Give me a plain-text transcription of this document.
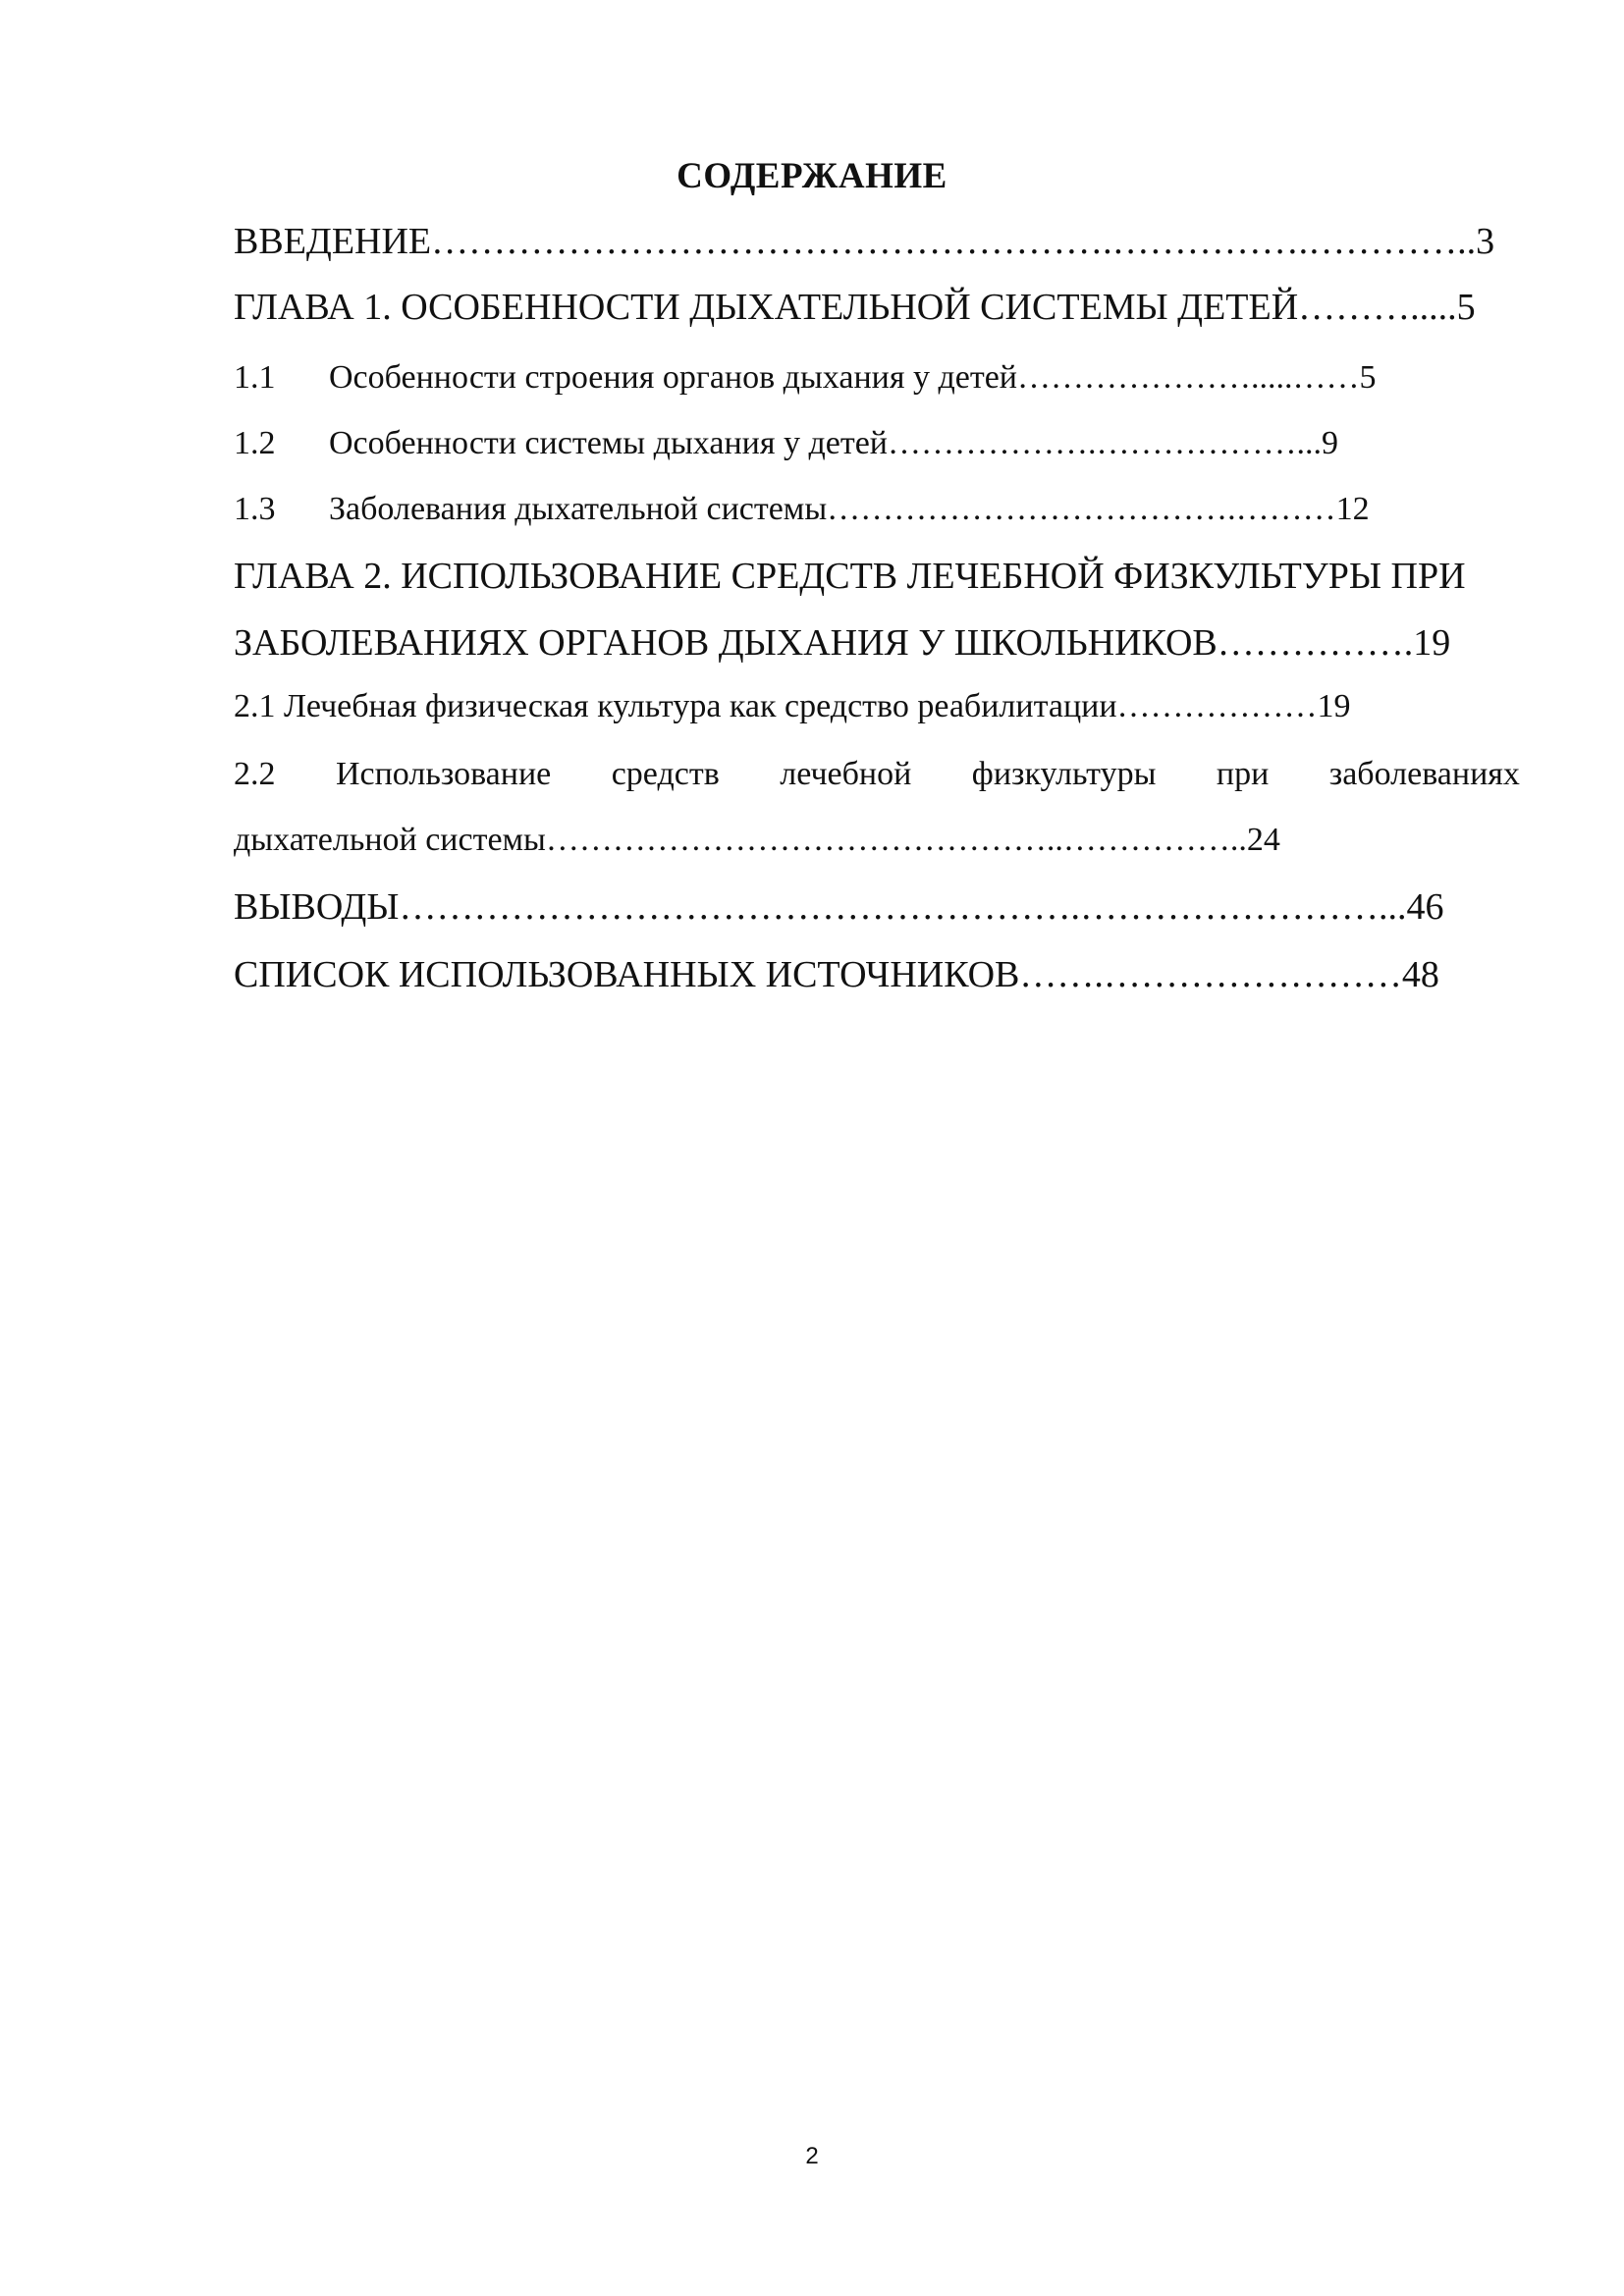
СОДЕРЖАНИЕ
ВВЕДЕНИЕ……………………………………………….…………….…………..3
ГЛАВА 1. ОСОБЕННОСТИ ДЫХАТЕЛЬНОЙ СИСТЕМЫ ДЕТЕЙ……….....5
1.1 Особенности строения органов дыхания у детей………………….....……5
1.2 Особенности системы дыхания у детей……………….………………...9
1.3 Заболевания дыхательной системы……………………………….………12
ГЛАВА 2. ИСПОЛЬЗОВАНИЕ СРЕДСТВ ЛЕЧЕБНОЙ ФИЗКУЛЬТУРЫ ПРИ
ЗАБОЛЕВАНИЯХ ОРГАНОВ ДЫХАНИЯ У ШКОЛЬНИКОВ…………….19
2.1 Лечебная физическая культура как средство реабилитации………………19
2.2 Использование средств лечебной физкультуры при заболеваниях
дыхательной системы………………………………………..……………..24
ВЫВОДЫ……………………………………………….……………………...46
СПИСОК ИСПОЛЬЗОВАННЫХ ИСТОЧНИКОВ…….……………………48
2
